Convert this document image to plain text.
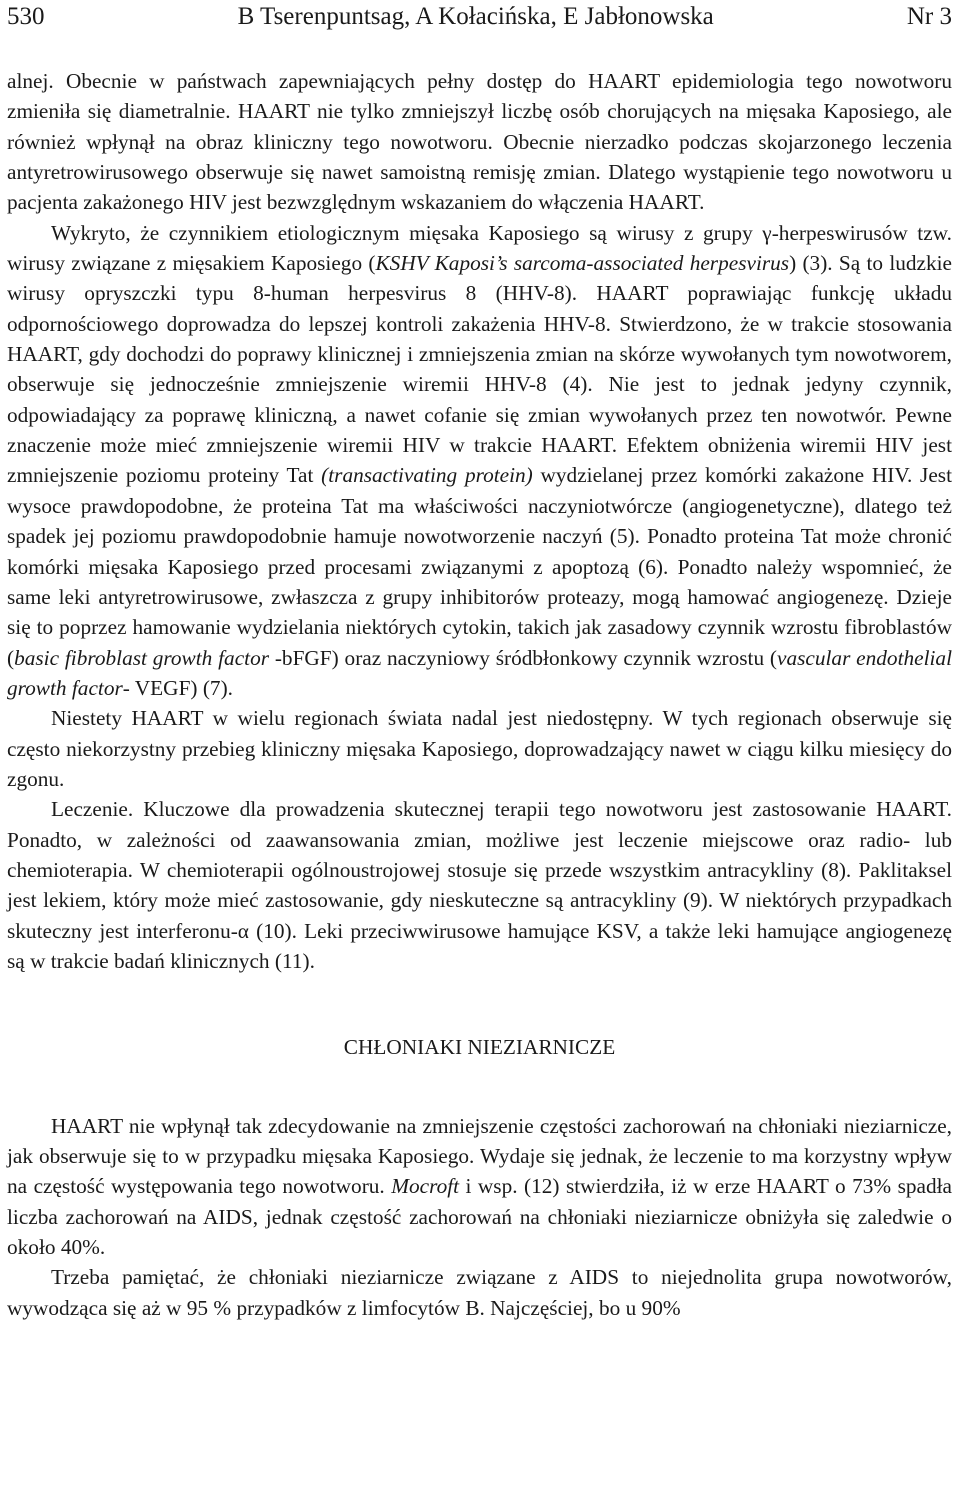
530	B Tserenpuntsag, A Kołacińska, E Jabłonowska	Nr 3

alnej. Obecnie w państwach zapewniających pełny dostęp do HAART epidemiologia tego nowotworu zmieniła się diametralnie. HAART nie tylko zmniejszył liczbę osób chorujących na mięsaka Kaposiego, ale również wpłynął na obraz kliniczny tego nowotworu. Obecnie nierzadko podczas skojarzonego leczenia antyretrowirusowego obserwuje się nawet samoistną remisję zmian. Dlatego wystąpienie tego nowotworu u pacjenta zakażonego HIV jest bezwzględnym wskazaniem do włączenia HAART.

Wykryto, że czynnikiem etiologicznym mięsaka Kaposiego są wirusy z grupy γ-herpeswirusów tzw. wirusy związane z mięsakiem Kaposiego (KSHV Kaposi’s sarcoma-associated herpesvirus) (3). Są to ludzkie wirusy opryszczki typu 8-human herpesvirus 8 (HHV-8). HAART poprawiając funkcję układu odpornościowego doprowadza do lepszej kontroli zakażenia HHV-8. Stwierdzono, że w trakcie stosowania HAART, gdy dochodzi do poprawy klinicznej i zmniejszenia zmian na skórze wywołanych tym nowotworem, obserwuje się jednocześnie zmniejszenie wiremii HHV-8 (4). Nie jest to jednak jedyny czynnik, odpowiadający za poprawę kliniczną, a nawet cofanie się zmian wywołanych przez ten nowotwór. Pewne znaczenie może mieć zmniejszenie wiremii HIV w trakcie HAART. Efektem obniżenia wiremii HIV jest zmniejszenie poziomu proteiny Tat (transactivating protein) wydzielanej przez komórki zakażone HIV. Jest wysoce prawdopodobne, że proteina Tat ma właściwości naczyniotwórcze (angiogenetyczne), dlatego też spadek jej poziomu prawdopodobnie hamuje nowotworzenie naczyń (5). Ponadto proteina Tat może chronić komórki mięsaka Kaposiego przed procesami związanymi z apoptozą (6). Ponadto należy wspomnieć, że same leki antyretrowirusowe, zwłaszcza z grupy inhibitorów proteazy, mogą hamować angiogenezę. Dzieje się to poprzez hamowanie wydzielania niektórych cytokin, takich jak zasadowy czynnik wzrostu fibroblastów (basic fibroblast growth factor -bFGF) oraz naczyniowy śródbłonkowy czynnik wzrostu (vascular endothelial growth factor- VEGF) (7).

Niestety HAART w wielu regionach świata nadal jest niedostępny. W tych regionach obserwuje się często niekorzystny przebieg kliniczny mięsaka Kaposiego, doprowadzający nawet w ciągu kilku miesięcy do zgonu.

Leczenie. Kluczowe dla prowadzenia skutecznej terapii tego nowotworu jest zastosowanie HAART. Ponadto, w zależności od zaawansowania zmian, możliwe jest leczenie miejscowe oraz radio- lub chemioterapia. W chemioterapii ogólnoustrojowej stosuje się przede wszystkim antracykliny (8). Paklitaksel jest lekiem, który może mieć zastosowanie, gdy nieskuteczne są antracykliny (9). W niektórych przypadkach skuteczny jest interferonu-α (10). Leki przeciwwirusowe hamujące KSV, a także leki hamujące angiogenezę są w trakcie badań klinicznych (11).

CHŁONIAKI NIEZIARNICZE

HAART nie wpłynął tak zdecydowanie na zmniejszenie częstości zachorowań na chłoniaki nieziarnicze, jak obserwuje się to w przypadku mięsaka Kaposiego. Wydaje się jednak, że leczenie to ma korzystny wpływ na częstość występowania tego nowotworu. Mocroft i wsp. (12) stwierdziła, iż w erze HAART o 73% spadła liczba zachorowań na AIDS, jednak częstość zachorowań na chłoniaki nieziarnicze obniżyła się zaledwie o około 40%.

Trzeba pamiętać, że chłoniaki nieziarnicze związane z AIDS to niejednolita grupa nowotworów, wywodząca się aż w 95 % przypadków z limfocytów B. Najczęściej, bo u 90%
